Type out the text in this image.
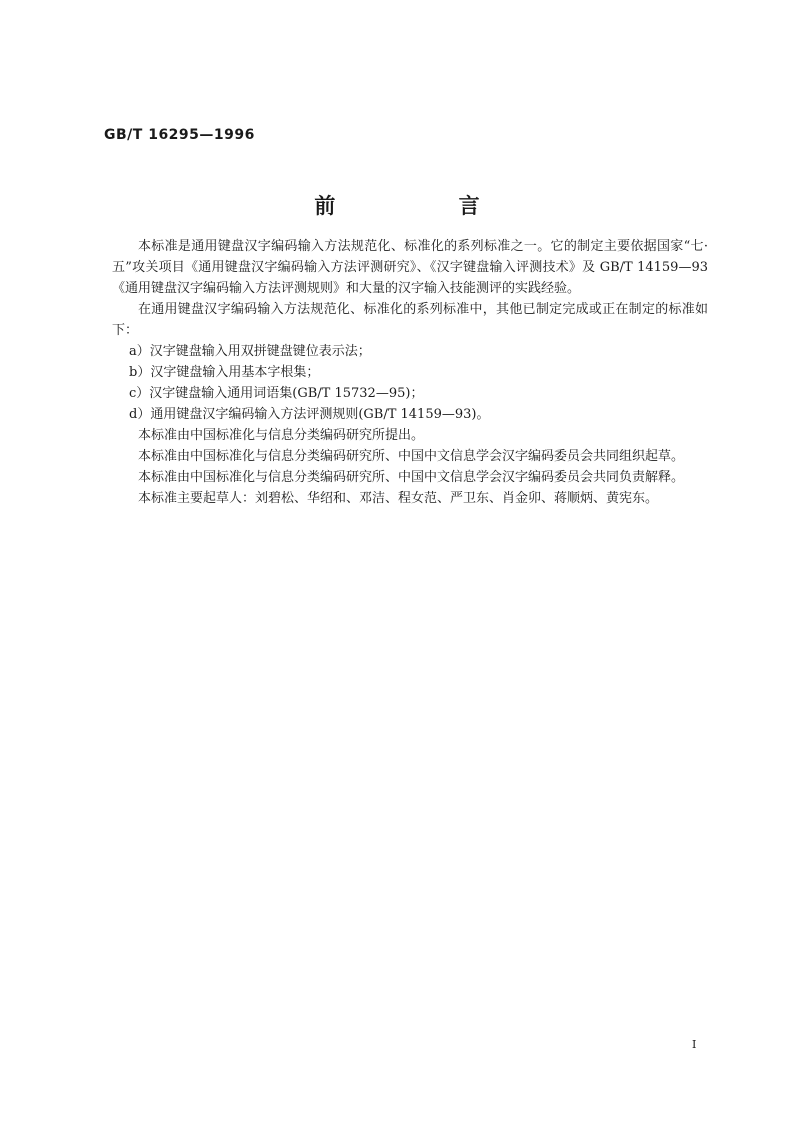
GB/T 16295—1996
前 言

本标准是通用键盘汉字编码输入方法规范化、标准化的系列标准之一。它的制定主要依据国家“七·五”攻关项目《通用键盘汉字编码输入方法评测研究》、《汉字键盘输入评测技术》及 GB/T 14159—93《通用键盘汉字编码输入方法评测规则》和大量的汉字输入技能测评的实践经验。

在通用键盘汉字编码输入方法规范化、标准化的系列标准中，其他已制定完成或正在制定的标准如下：

a）汉字键盘输入用双拼键盘键位表示法；

b）汉字键盘输入用基本字根集；

c）汉字键盘输入通用词语集(GB/T 15732—95)；

d）通用键盘汉字编码输入方法评测规则(GB/T 14159—93)。

本标准由中国标准化与信息分类编码研究所提出。

本标准由中国标准化与信息分类编码研究所、中国中文信息学会汉字编码委员会共同组织起草。

本标准由中国标准化与信息分类编码研究所、中国中文信息学会汉字编码委员会共同负责解释。

本标准主要起草人：刘碧松、华绍和、邓洁、程女范、严卫东、肖金卯、蒋顺炳、黄宪东。

I
